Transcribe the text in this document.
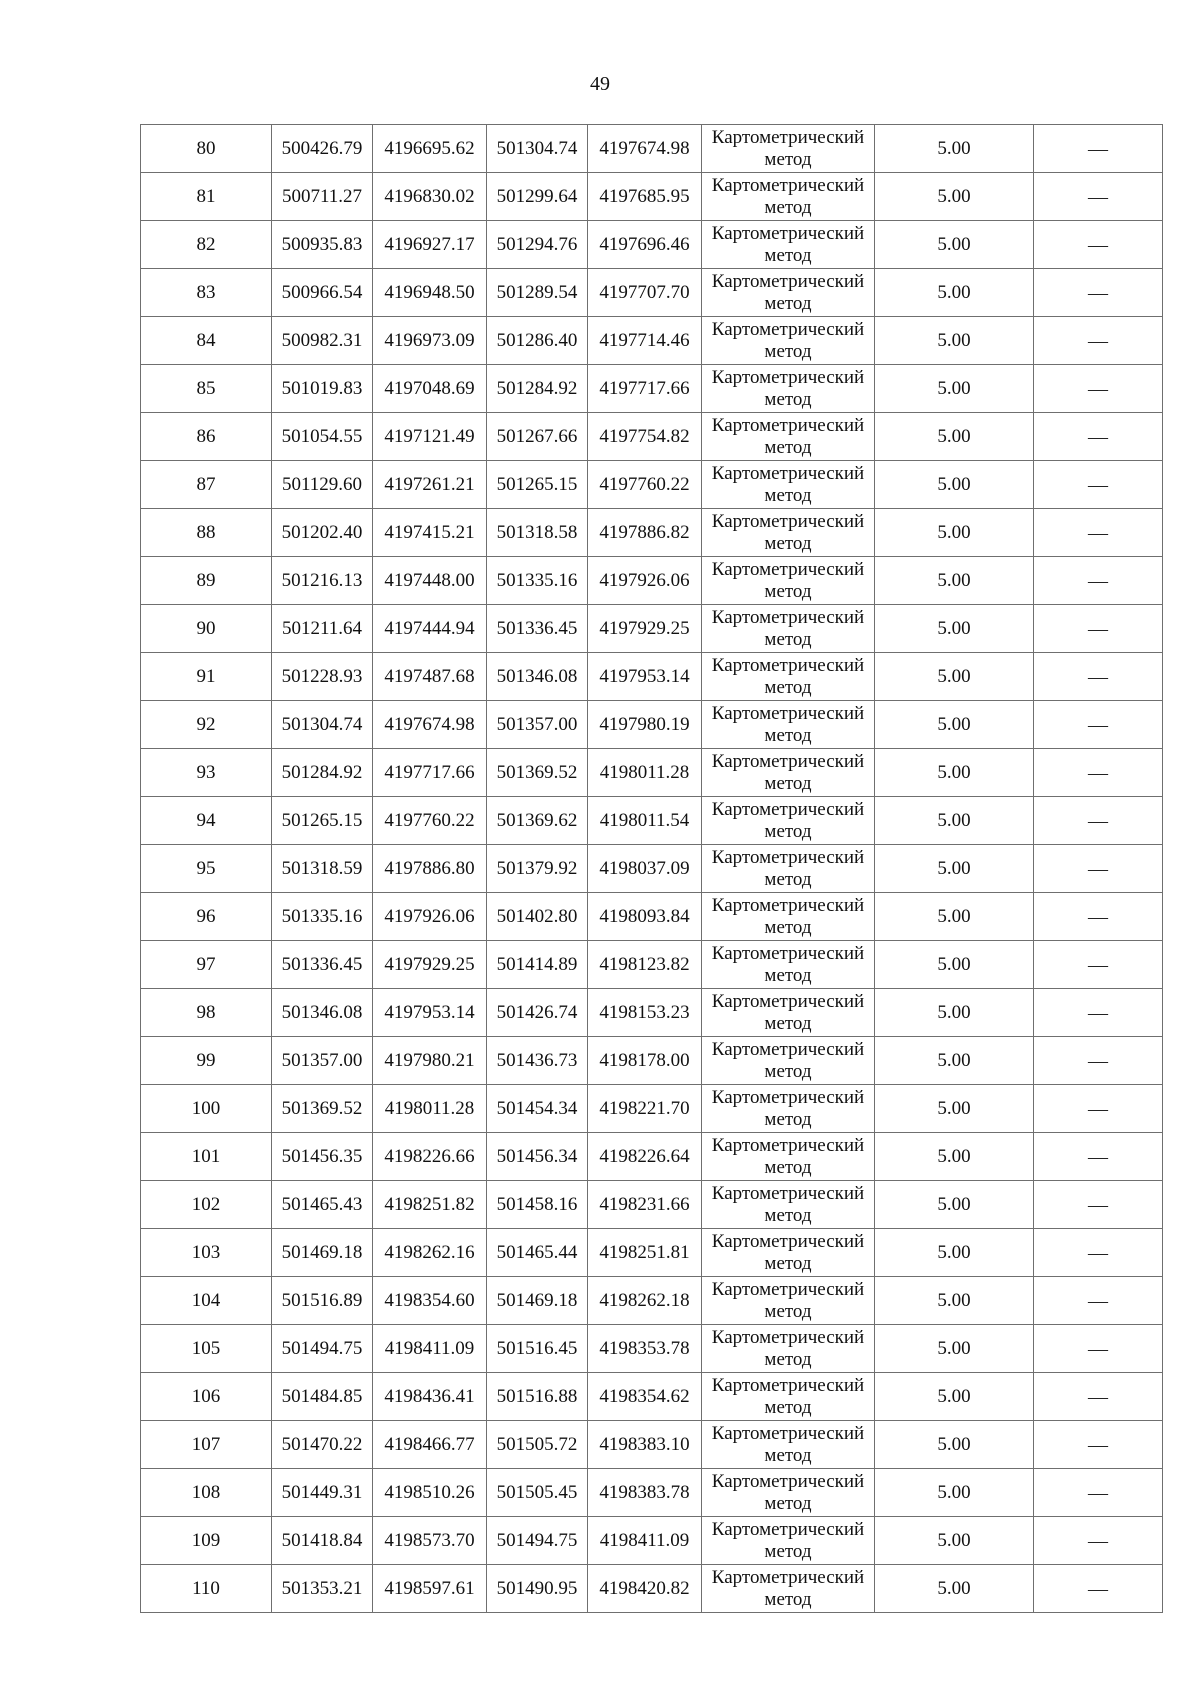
49
80	500426.79	4196695.62	501304.74	4197674.98	Картометрический
метод	5.00	—
81	500711.27	4196830.02	501299.64	4197685.95	Картометрический
метод	5.00	—
82	500935.83	4196927.17	501294.76	4197696.46	Картометрический
метод	5.00	—
83	500966.54	4196948.50	501289.54	4197707.70	Картометрический
метод	5.00	—
84	500982.31	4196973.09	501286.40	4197714.46	Картометрический
метод	5.00	—
85	501019.83	4197048.69	501284.92	4197717.66	Картометрический
метод	5.00	—
86	501054.55	4197121.49	501267.66	4197754.82	Картометрический
метод	5.00	—
87	501129.60	4197261.21	501265.15	4197760.22	Картометрический
метод	5.00	—
88	501202.40	4197415.21	501318.58	4197886.82	Картометрический
метод	5.00	—
89	501216.13	4197448.00	501335.16	4197926.06	Картометрический
метод	5.00	—
90	501211.64	4197444.94	501336.45	4197929.25	Картометрический
метод	5.00	—
91	501228.93	4197487.68	501346.08	4197953.14	Картометрический
метод	5.00	—
92	501304.74	4197674.98	501357.00	4197980.19	Картометрический
метод	5.00	—
93	501284.92	4197717.66	501369.52	4198011.28	Картометрический
метод	5.00	—
94	501265.15	4197760.22	501369.62	4198011.54	Картометрический
метод	5.00	—
95	501318.59	4197886.80	501379.92	4198037.09	Картометрический
метод	5.00	—
96	501335.16	4197926.06	501402.80	4198093.84	Картометрический
метод	5.00	—
97	501336.45	4197929.25	501414.89	4198123.82	Картометрический
метод	5.00	—
98	501346.08	4197953.14	501426.74	4198153.23	Картометрический
метод	5.00	—
99	501357.00	4197980.21	501436.73	4198178.00	Картометрический
метод	5.00	—
100	501369.52	4198011.28	501454.34	4198221.70	Картометрический
метод	5.00	—
101	501456.35	4198226.66	501456.34	4198226.64	Картометрический
метод	5.00	—
102	501465.43	4198251.82	501458.16	4198231.66	Картометрический
метод	5.00	—
103	501469.18	4198262.16	501465.44	4198251.81	Картометрический
метод	5.00	—
104	501516.89	4198354.60	501469.18	4198262.18	Картометрический
метод	5.00	—
105	501494.75	4198411.09	501516.45	4198353.78	Картометрический
метод	5.00	—
106	501484.85	4198436.41	501516.88	4198354.62	Картометрический
метод	5.00	—
107	501470.22	4198466.77	501505.72	4198383.10	Картометрический
метод	5.00	—
108	501449.31	4198510.26	501505.45	4198383.78	Картометрический
метод	5.00	—
109	501418.84	4198573.70	501494.75	4198411.09	Картометрический
метод	5.00	—
110	501353.21	4198597.61	501490.95	4198420.82	Картометрический
метод	5.00	—
